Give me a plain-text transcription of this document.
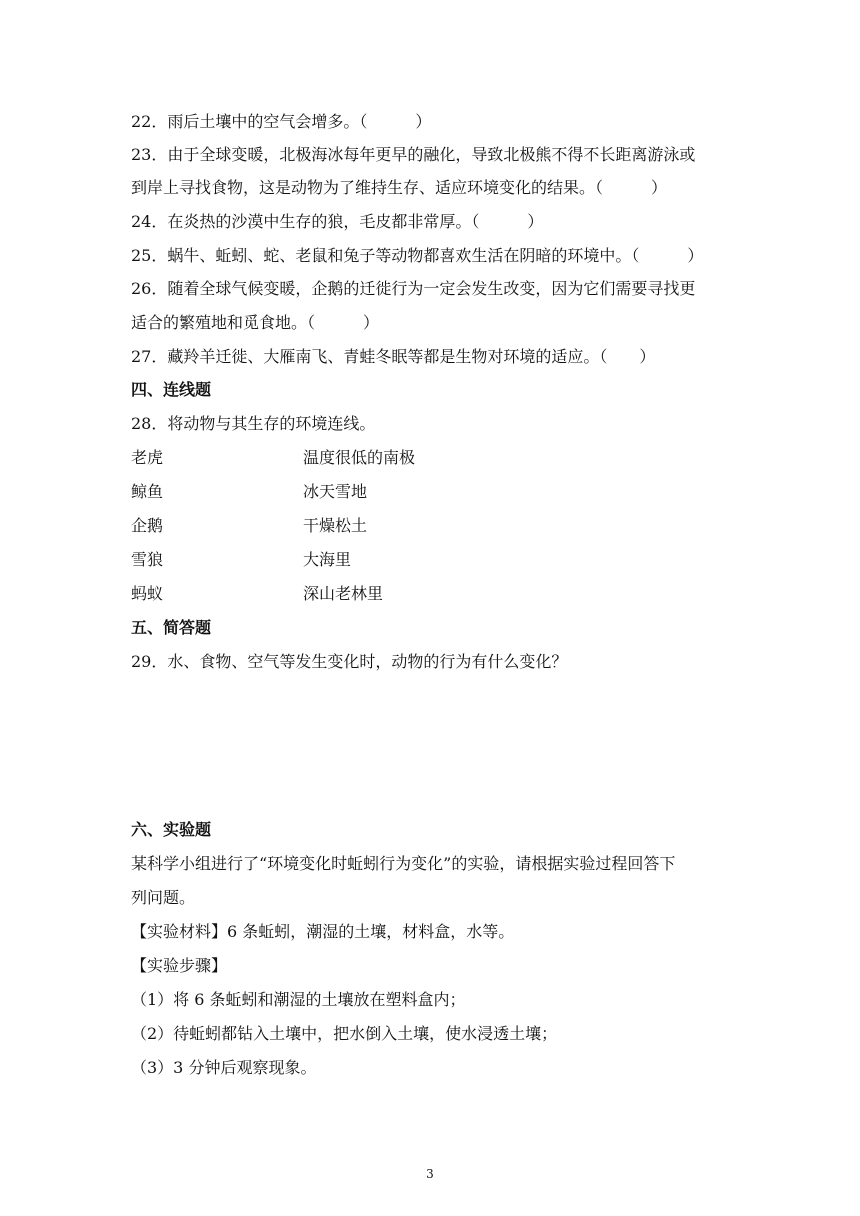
22．雨后土壤中的空气会增多。（　　　）
23．由于全球变暖，北极海冰每年更早的融化，导致北极熊不得不长距离游泳或
到岸上寻找食物，这是动物为了维持生存、适应环境变化的结果。（　　　）
24．在炎热的沙漠中生存的狼，毛皮都非常厚。（　　　）
25．蜗牛、蚯蚓、蛇、老鼠和兔子等动物都喜欢生活在阴暗的环境中。（　　　）
26．随着全球气候变暖，企鹅的迁徙行为一定会发生改变，因为它们需要寻找更
适合的繁殖地和觅食地。（　　　）
27．藏羚羊迁徙、大雁南飞、青蛙冬眠等都是生物对环境的适应。（　　）
四、连线题
28．将动物与其生存的环境连线。
老虎	温度很低的南极
鲸鱼	冰天雪地
企鹅	干燥松土
雪狼	大海里
蚂蚁	深山老林里
五、简答题
29．水、食物、空气等发生变化时，动物的行为有什么变化？
六、实验题
某科学小组进行了“环境变化时蚯蚓行为变化”的实验，请根据实验过程回答下
列问题。
【实验材料】6 条蚯蚓，潮湿的土壤，材料盒，水等。
【实验步骤】
（1）将 6 条蚯蚓和潮湿的土壤放在塑料盒内；
（2）待蚯蚓都钻入土壤中，把水倒入土壤，使水浸透土壤；
（3）3 分钟后观察现象。
3
